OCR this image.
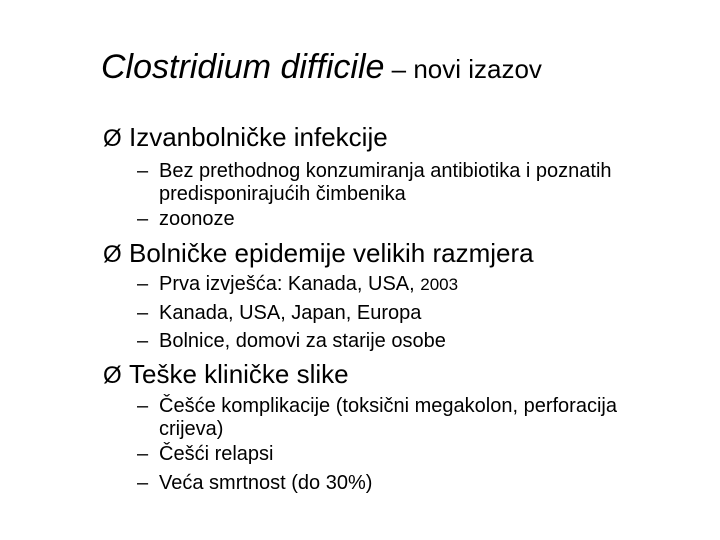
Clostridium difficile – novi izazov
Ø Izvanbolničke infekcije
– Bez prethodnog konzumiranja antibiotika i poznatih predisponirajućih čimbenika
– zoonoze
Ø Bolničke epidemije velikih razmjera
– Prva izvješća: Kanada, USA, 2003
– Kanada, USA, Japan, Europa
– Bolnice, domovi za starije osobe
Ø Teške kliničke slike
– Češće komplikacije (toksični megakolon, perforacija crijeva)
– Češći relapsi
– Veća smrtnost (do 30%)
